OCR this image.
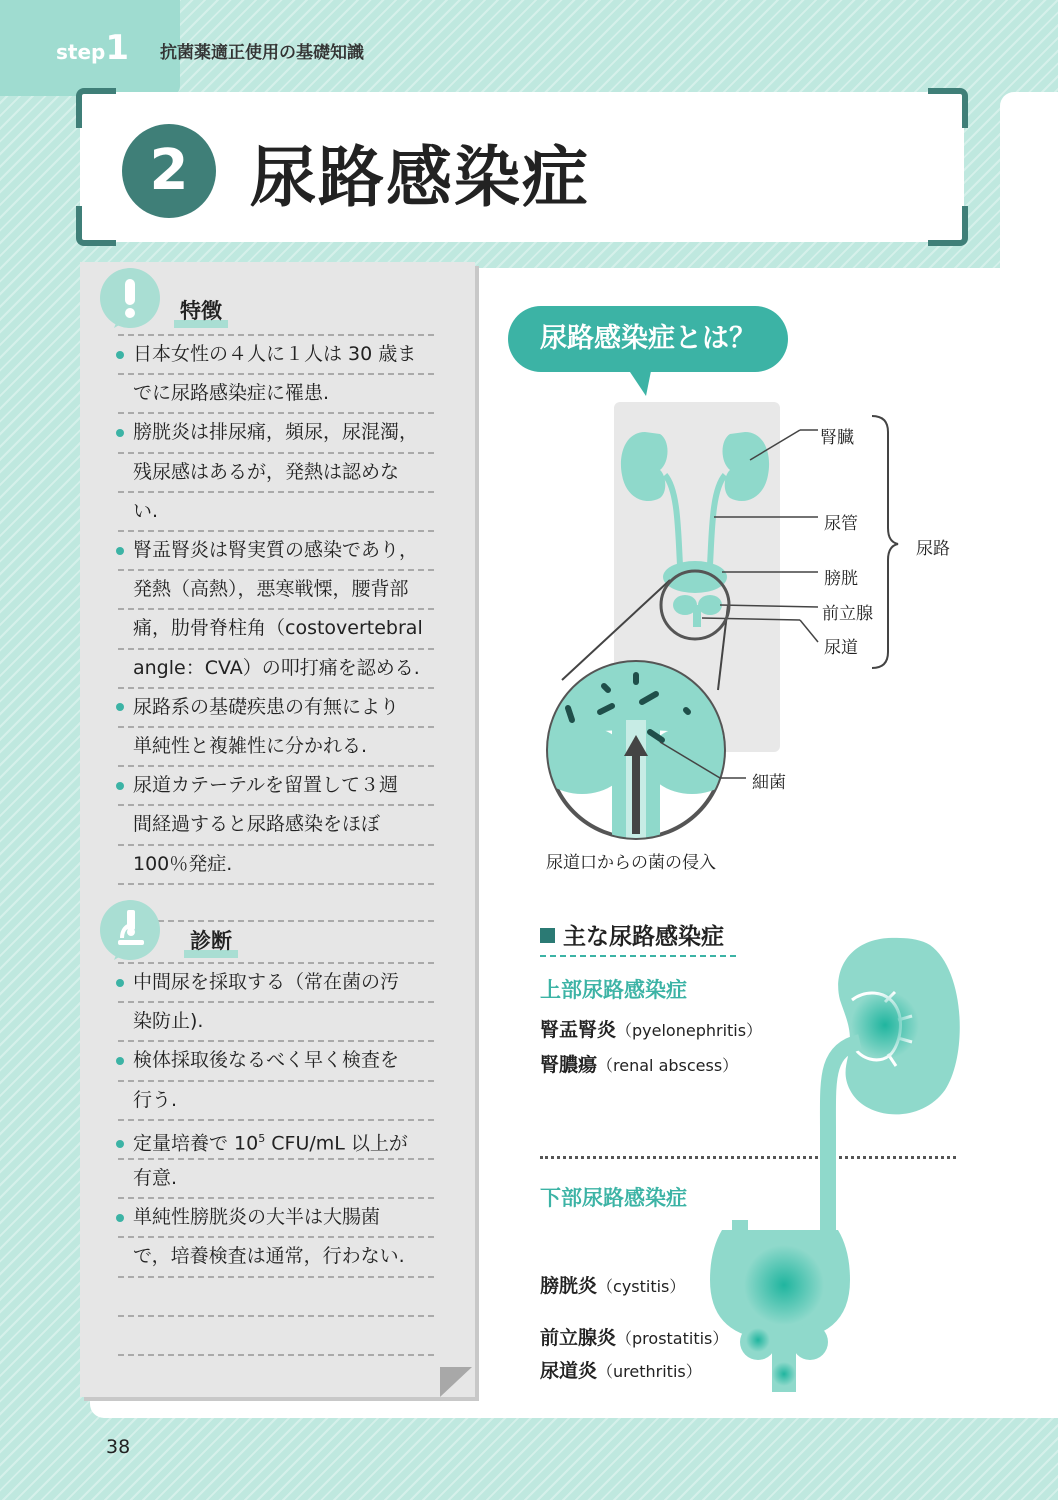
step1 抗菌薬適正使用の基礎知識
2 尿路感染症
特徴
日本女性の４人に１人は 30 歳ま
でに尿路感染症に罹患.
膀胱炎は排尿痛，頻尿，尿混濁，
残尿感はあるが，発熱は認めな
い.
腎盂腎炎は腎実質の感染であり，
発熱（高熱），悪寒戦慄，腰背部
痛，肋骨脊柱角（costovertebral
angle：CVA）の叩打痛を認める.
尿路系の基礎疾患の有無により
単純性と複雑性に分かれる.
尿道カテーテルを留置して３週
間経過すると尿路感染をほぼ
100％発症.
診断
中間尿を採取する（常在菌の汚
染防止).
検体採取後なるべく早く検査を
行う.
定量培養で $10^5$ CFU/mL 以上が
有意.
単純性膀胱炎の大半は大腸菌
で，培養検査は通常，行わない.
尿路感染症とは？
腎臓
尿管
膀胱
前立腺
尿道
尿路
細菌
尿道口からの菌の侵入
主な尿路感染症
上部尿路感染症
腎盂腎炎（pyelonephritis）
腎膿瘍（renal abscess）
下部尿路感染症
膀胱炎（cystitis）
前立腺炎（prostatitis）
尿道炎（urethritis）
38
